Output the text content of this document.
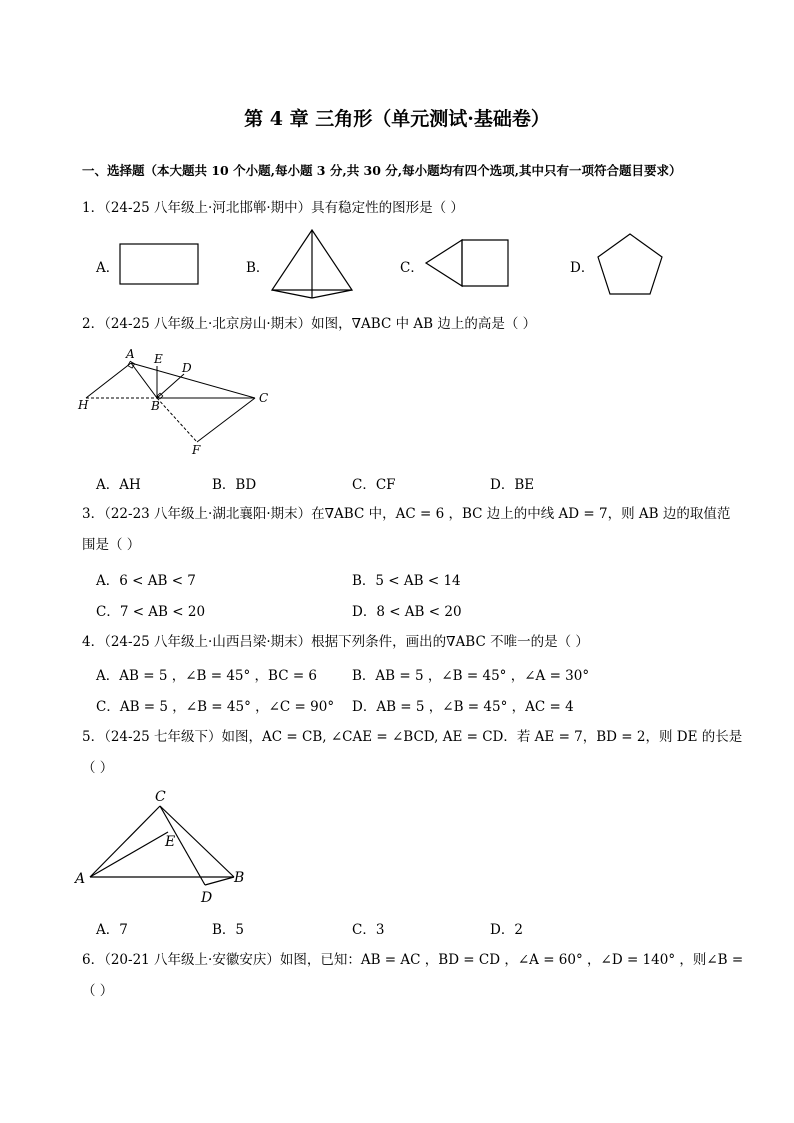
第 4 章 三角形（单元测试·基础卷）
一、选择题（本大题共 10 个小题,每小题 3 分,共 30 分,每小题均有四个选项,其中只有一项符合题目要求）
1．（24-25 八年级上·河北邯郸·期中）具有稳定性的图形是（ ）
A．	B．	C．	D．
2．（24-25 八年级上·北京房山·期末）如图，∇ABC 中 AB 边上的高是（ ）
A E
D
H	B
C
F
A．AH	B．BD	C．CF	D．BE
3．（22-23 八年级上·湖北襄阳·期末）在∇ABC 中，AC = 6 ，BC 边上的中线 AD = 7，则 AB 边的取值范
围是（ ）
A．6 < AB < 7	B．5 < AB < 14
C．7 < AB < 20	D．8 < AB < 20
4．（24-25 八年级上·山西吕梁·期末）根据下列条件，画出的∇ABC 不唯一的是（ ）
A．AB = 5 ，∠B = 45° ，BC = 6	B．AB = 5 ，∠B = 45° ，∠A = 30°
C．AB = 5 ，∠B = 45° ，∠C = 90° D．AB = 5 ，∠B = 45° ，AC = 4
5．（24-25 七年级下）如图，AC = CB, ∠CAE = ∠BCD, AE = CD．若 AE = 7，BD = 2，则 DE 的长是
（ ）
C
E
A	B
D
A．7	B．5	C．3	D．2
6．（20-21 八年级上·安徽安庆）如图，已知：AB = AC ，BD = CD ，∠A = 60° ，∠D = 140° ，则∠B =
（ ）
